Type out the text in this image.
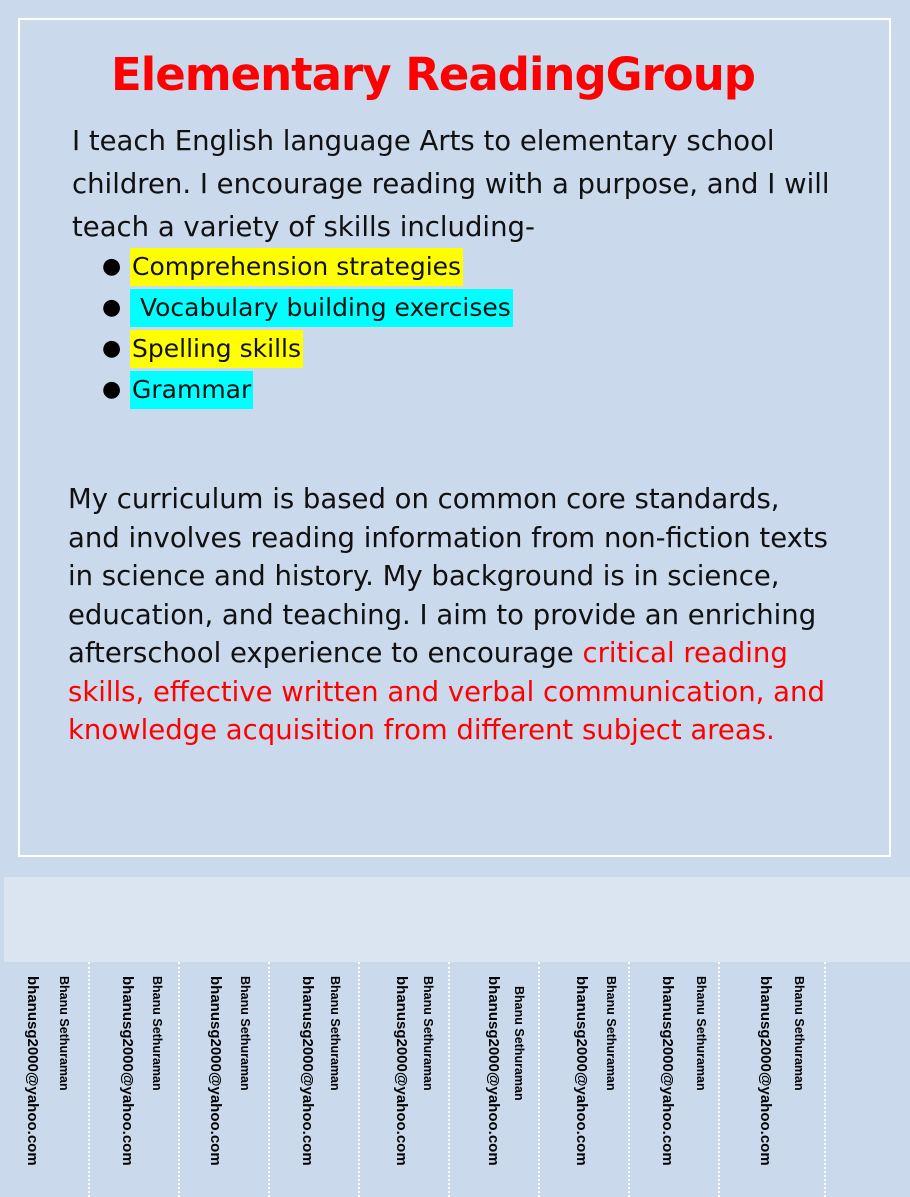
Elementary ReadingGroup

I teach English language Arts to elementary school children. I encourage reading with a purpose, and I will teach a variety of skills including-

● Comprehension strategies
● Vocabulary building exercises
● Spelling skills
● Grammar

My curriculum is based on common core standards, and involves reading information from non-fiction texts in science and history. My background is in science, education, and teaching. I aim to provide an enriching afterschool experience to encourage critical reading skills, effective written and verbal communication, and knowledge acquisition from different subject areas.

Bhanu Sethuraman
bhanusg2000@yahoo.com	Bhanu Sethuraman
bhanusg2000@yahoo.com	Bhanu Sethuraman
bhanusg2000@yahoo.com	Bhanu Sethuraman
bhanusg2000@yahoo.com	Bhanu Sethuraman
bhanusg2000@yahoo.com	Bhanu Sethuraman
bhanusg2000@yahoo.com	Bhanu Sethuraman
bhanusg2000@yahoo.com	Bhanu Sethuraman
bhanusg2000@yahoo.com	Bhanu Sethuraman
bhanusg2000@yahoo.com
